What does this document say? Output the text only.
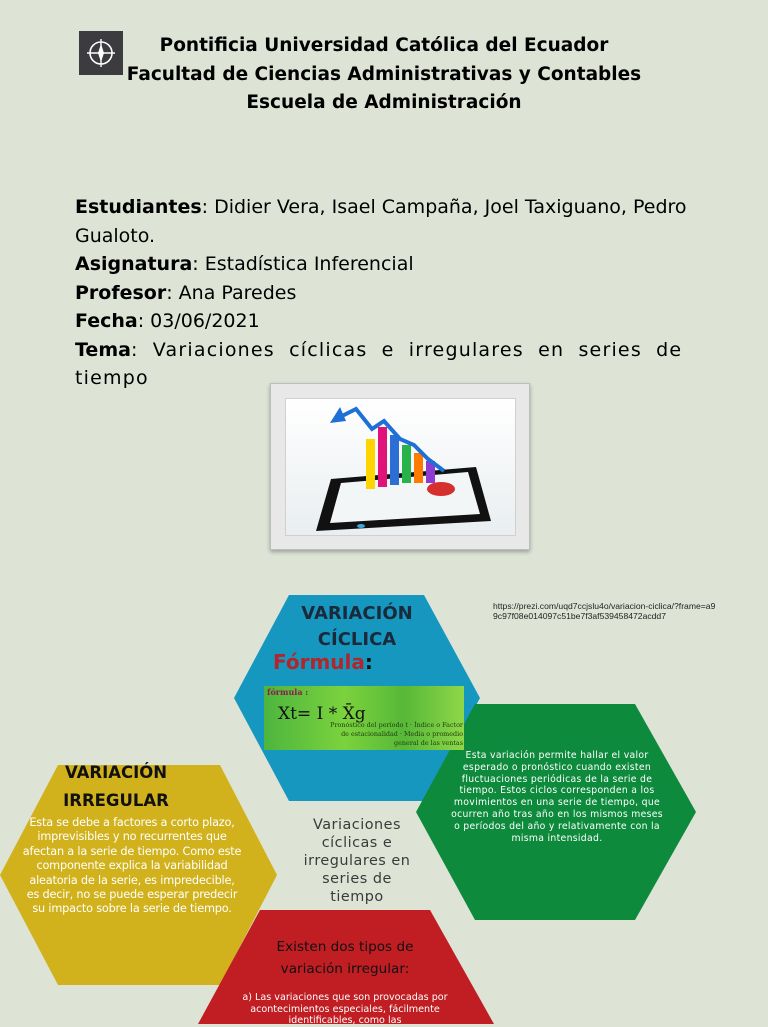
Pontificia Universidad Católica del Ecuador
Facultad de Ciencias Administrativas y Contables
Escuela de Administración
Estudiantes: Didier Vera, Isael Campaña, Joel Taxiguano, Pedro Gualoto.
Asignatura: Estadística Inferencial
Profesor: Ana Paredes
Fecha: 03/06/2021
Tema: Variaciones cíclicas e irregulares en series de tiempo
https://prezi.com/uqd7ccjslu4o/variacion-ciclica/?frame=a99c97f08e014097c51be7f3af539458472acdd7
VARIACIÓN CÍCLICA
Fórmula:
fórmula :
Xt= I * X̄g
Pronóstico del período t · Índice o Factor de estacionalidad · Media o promedio general de las ventas
Esta variación permite hallar el valor esperado o pronóstico cuando existen fluctuaciones periódicas de la serie de tiempo. Estos ciclos corresponden a los movimientos en una serie de tiempo, que ocurren año tras año en los mismos meses o períodos del año y relativamente con la misma intensidad.
Variaciones cíclicas e irregulares en series de tiempo
VARIACIÓN IRREGULAR
Esta se debe a factores a corto plazo, imprevisibles y no recurrentes que afectan a la serie de tiempo. Como este componente explica la variabilidad aleatoria de la serie, es impredecible, es decir, no se puede esperar predecir su impacto sobre la serie de tiempo.
Existen dos tipos de variación irregular:
a) Las variaciones que son provocadas por acontecimientos especiales, fácilmente identificables, como las
